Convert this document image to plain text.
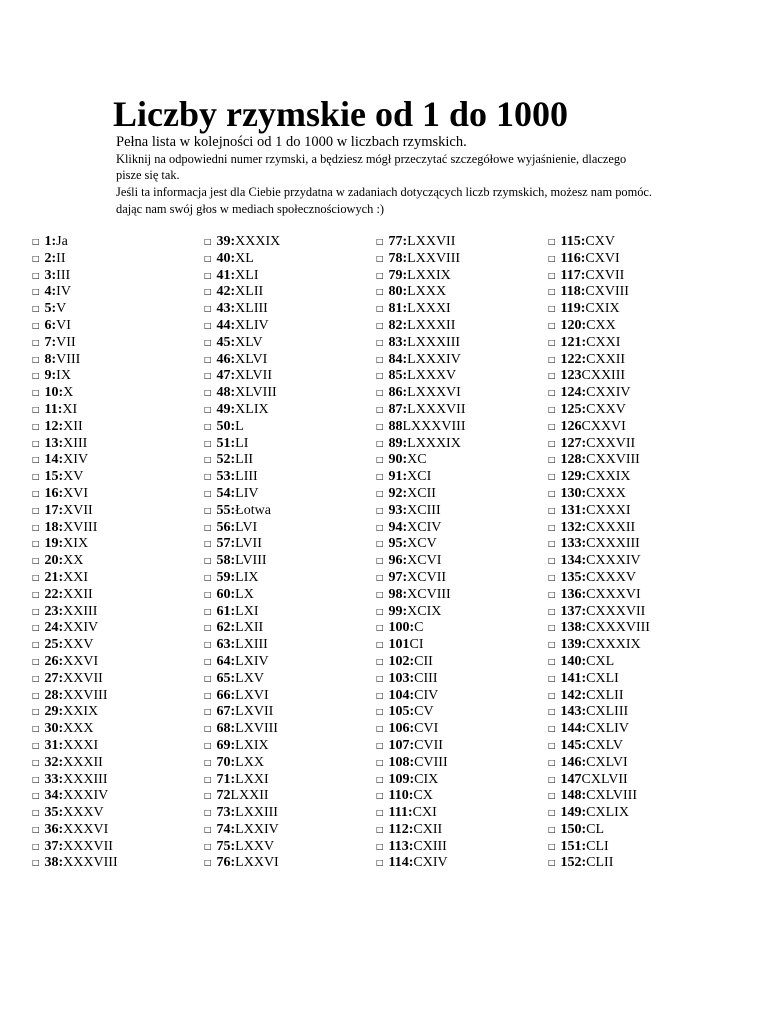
Liczby rzymskie od 1 do 1000

Pełna lista w kolejności od 1 do 1000 w liczbach rzymskich.

Kliknij na odpowiedni numer rzymski, a będziesz mógł przeczytać szczegółowe wyjaśnienie, dlaczego

pisze się tak.

Jeśli ta informacja jest dla Ciebie przydatna w zadaniach dotyczących liczb rzymskich, możesz nam pomóc.

dając nam swój głos w mediach społecznościowych :)

□ 1:Ja
□ 2:II
□ 3:III
□ 4:IV
□ 5:V
□ 6:VI
□ 7:VII
□ 8:VIII
□ 9:IX
□ 10:X
□ 11:XI
□ 12:XII
□ 13:XIII
□ 14:XIV
□ 15:XV
□ 16:XVI
□ 17:XVII
□ 18:XVIII
□ 19:XIX
□ 20:XX
□ 21:XXI
□ 22:XXII
□ 23:XXIII
□ 24:XXIV
□ 25:XXV
□ 26:XXVI
□ 27:XXVII
□ 28:XXVIII
□ 29:XXIX
□ 30:XXX
□ 31:XXXI
□ 32:XXXII
□ 33:XXXIII
□ 34:XXXIV
□ 35:XXXV
□ 36:XXXVI
□ 37:XXXVII
□ 38:XXXVIII
□ 39:XXXIX
□ 40:XL
□ 41:XLI
□ 42:XLII
□ 43:XLIII
□ 44:XLIV
□ 45:XLV
□ 46:XLVI
□ 47:XLVII
□ 48:XLVIII
□ 49:XLIX
□ 50:L
□ 51:LI
□ 52:LII
□ 53:LIII
□ 54:LIV
□ 55:Łotwa
□ 56:LVI
□ 57:LVII
□ 58:LVIII
□ 59:LIX
□ 60:LX
□ 61:LXI
□ 62:LXII
□ 63:LXIII
□ 64:LXIV
□ 65:LXV
□ 66:LXVI
□ 67:LXVII
□ 68:LXVIII
□ 69:LXIX
□ 70:LXX
□ 71:LXXI
□ 72LXXII
□ 73:LXXIII
□ 74:LXXIV
□ 75:LXXV
□ 76:LXXVI
□ 77:LXXVII
□ 78:LXXVIII
□ 79:LXXIX
□ 80:LXXX
□ 81:LXXXI
□ 82:LXXXII
□ 83:LXXXIII
□ 84:LXXXIV
□ 85:LXXXV
□ 86:LXXXVI
□ 87:LXXXVII
□ 88LXXXVIII
□ 89:LXXXIX
□ 90:XC
□ 91:XCI
□ 92:XCII
□ 93:XCIII
□ 94:XCIV
□ 95:XCV
□ 96:XCVI
□ 97:XCVII
□ 98:XCVIII
□ 99:XCIX
□ 100:C
□ 101CI
□ 102:CII
□ 103:CIII
□ 104:CIV
□ 105:CV
□ 106:CVI
□ 107:CVII
□ 108:CVIII
□ 109:CIX
□ 110:CX
□ 111:CXI
□ 112:CXII
□ 113:CXIII
□ 114:CXIV
□ 115:CXV
□ 116:CXVI
□ 117:CXVII
□ 118:CXVIII
□ 119:CXIX
□ 120:CXX
□ 121:CXXI
□ 122:CXXII
□ 123CXXIII
□ 124:CXXIV
□ 125:CXXV
□ 126CXXVI
□ 127:CXXVII
□ 128:CXXVIII
□ 129:CXXIX
□ 130:CXXX
□ 131:CXXXI
□ 132:CXXXII
□ 133:CXXXIII
□ 134:CXXXIV
□ 135:CXXXV
□ 136:CXXXVI
□ 137:CXXXVII
□ 138:CXXXVIII
□ 139:CXXXIX
□ 140:CXL
□ 141:CXLI
□ 142:CXLII
□ 143:CXLIII
□ 144:CXLIV
□ 145:CXLV
□ 146:CXLVI
□ 147CXLVII
□ 148:CXLVIII
□ 149:CXLIX
□ 150:CL
□ 151:CLI
□ 152:CLII
